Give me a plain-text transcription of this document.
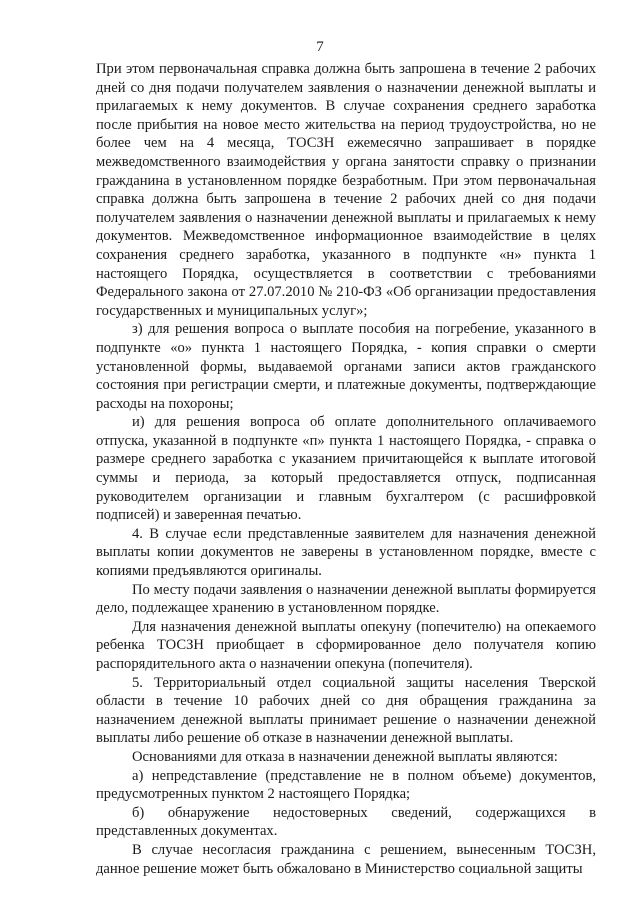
7

При этом первоначальная справка должна быть запрошена в течение 2 рабочих дней со дня подачи получателем заявления о назначении денежной выплаты и прилагаемых к нему документов. В случае сохранения среднего заработка после прибытия на новое место жительства на период трудоустройства, но не более чем на 4 месяца, ТОСЗН ежемесячно запрашивает в порядке межведомственного взаимодействия у органа занятости справку о признании гражданина в установленном порядке безработным. При этом первоначальная справка должна быть запрошена в течение 2 рабочих дней со дня подачи получателем заявления о назначении денежной выплаты и прилагаемых к нему документов. Межведомственное информационное взаимодействие в целях сохранения среднего заработка, указанного в подпункте «н» пункта 1 настоящего Порядка, осуществляется в соответствии с требованиями Федерального закона от 27.07.2010 № 210-ФЗ «Об организации предоставления государственных и муниципальных услуг»;

з) для решения вопроса о выплате пособия на погребение, указанного в подпункте «о» пункта 1 настоящего Порядка, - копия справки о смерти установленной формы, выдаваемой органами записи актов гражданского состояния при регистрации смерти, и платежные документы, подтверждающие расходы на похороны;

и) для решения вопроса об оплате дополнительного оплачиваемого отпуска, указанной в подпункте «п» пункта 1 настоящего Порядка, - справка о размере среднего заработка с указанием причитающейся к выплате итоговой суммы и периода, за который предоставляется отпуск, подписанная руководителем организации и главным бухгалтером (с расшифровкой подписей) и заверенная печатью.

4. В случае если представленные заявителем для назначения денежной выплаты копии документов не заверены в установленном порядке, вместе с копиями предъявляются оригиналы.

По месту подачи заявления о назначении денежной выплаты формируется дело, подлежащее хранению в установленном порядке.

Для назначения денежной выплаты опекуну (попечителю) на опекаемого ребенка ТОСЗН приобщает в сформированное дело получателя копию распорядительного акта о назначении опекуна (попечителя).

5. Территориальный отдел социальной защиты населения Тверской области в течение 10 рабочих дней со дня обращения гражданина за назначением денежной выплаты принимает решение о назначении денежной выплаты либо решение об отказе в назначении денежной выплаты.

Основаниями для отказа в назначении денежной выплаты являются:

а) непредставление (представление не в полном объеме) документов, предусмотренных пунктом 2 настоящего Порядка;

б) обнаружение недостоверных сведений, содержащихся в представленных документах.

В случае несогласия гражданина с решением, вынесенным ТОСЗН, данное решение может быть обжаловано в Министерство социальной защиты
